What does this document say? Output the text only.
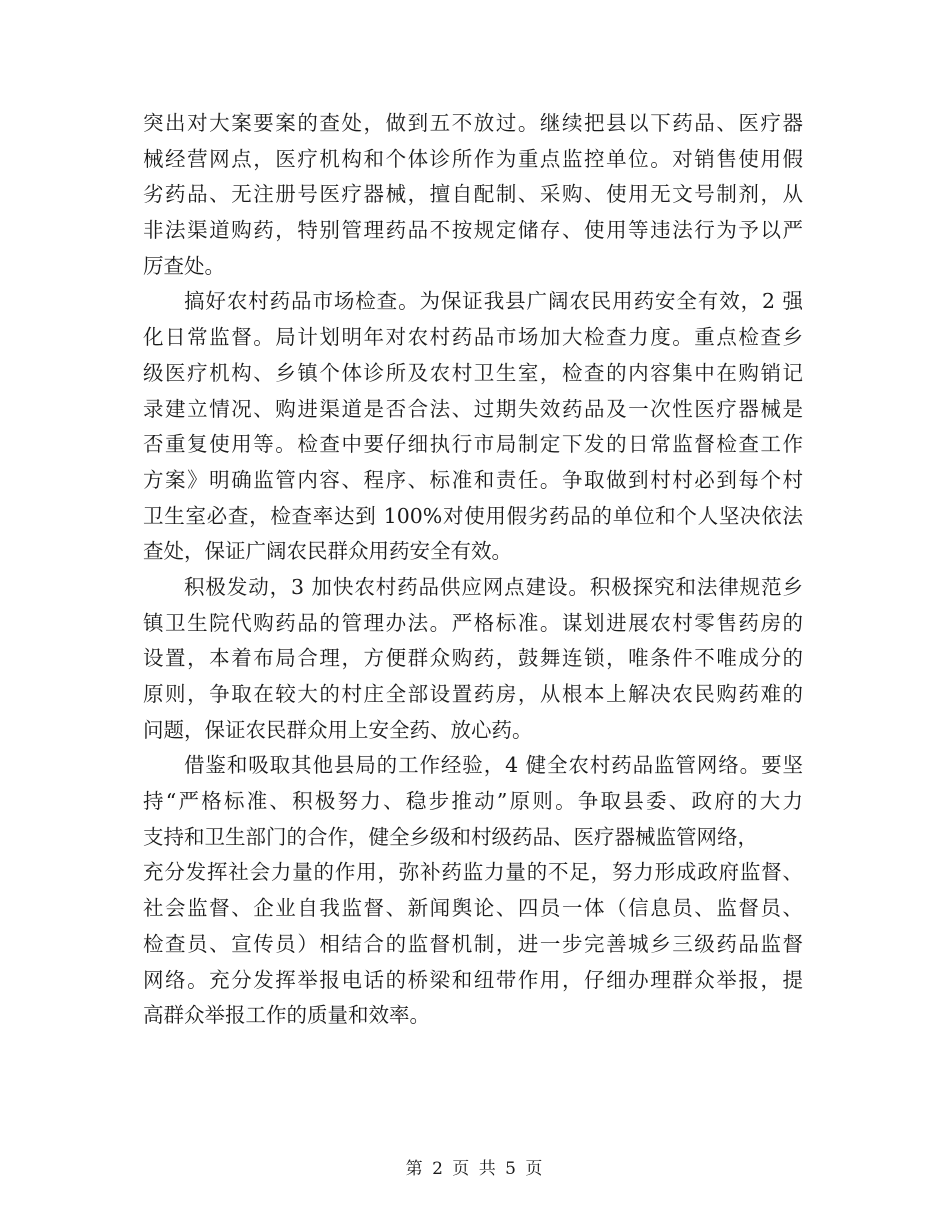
突出对大案要案的查处，做到五不放过。继续把县以下药品、医疗器
械经营网点，医疗机构和个体诊所作为重点监控单位。对销售使用假
劣药品、无注册号医疗器械，擅自配制、采购、使用无文号制剂，从
非法渠道购药，特别管理药品不按规定储存、使用等违法行为予以严
厉查处。
搞好农村药品市场检查。为保证我县广阔农民用药安全有效，2 强
化日常监督。局计划明年对农村药品市场加大检查力度。重点检查乡
级医疗机构、乡镇个体诊所及农村卫生室，检查的内容集中在购销记
录建立情况、购进渠道是否合法、过期失效药品及一次性医疗器械是
否重复使用等。检查中要仔细执行市局制定下发的日常监督检查工作
方案》明确监管内容、程序、标准和责任。争取做到村村必到每个村
卫生室必查，检查率达到 100%对使用假劣药品的单位和个人坚决依法
查处，保证广阔农民群众用药安全有效。
积极发动，3 加快农村药品供应网点建设。积极探究和法律规范乡
镇卫生院代购药品的管理办法。严格标准。谋划进展农村零售药房的
设置，本着布局合理，方便群众购药，鼓舞连锁，唯条件不唯成分的
原则，争取在较大的村庄全部设置药房，从根本上解决农民购药难的
问题，保证农民群众用上安全药、放心药。
借鉴和吸取其他县局的工作经验，4 健全农村药品监管网络。要坚
持“严格标准、积极努力、稳步推动”原则。争取县委、政府的大力
支持和卫生部门的合作，健全乡级和村级药品、医疗器械监管网络，
充分发挥社会力量的作用，弥补药监力量的不足，努力形成政府监督、
社会监督、企业自我监督、新闻舆论、四员一体（信息员、监督员、
检查员、宣传员）相结合的监督机制，进一步完善城乡三级药品监督
网络。充分发挥举报电话的桥梁和纽带作用，仔细办理群众举报，提
高群众举报工作的质量和效率。
第 2 页 共 5 页
